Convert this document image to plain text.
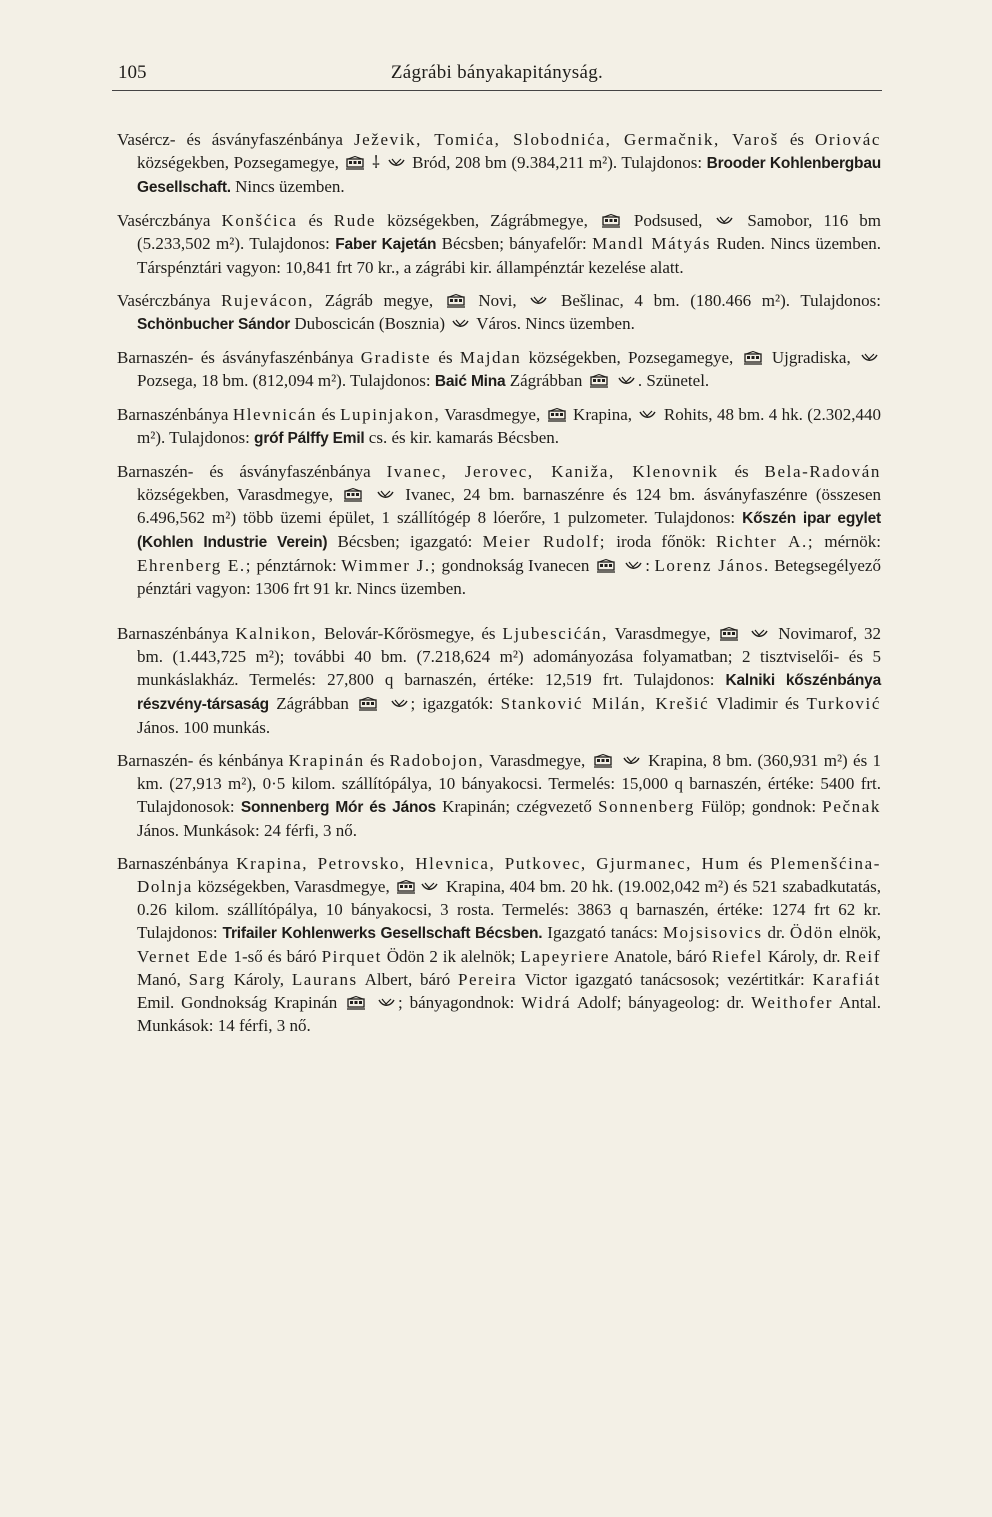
105	Zágrábi bányakapitányság.

Vasércz- és ásványfaszénbánya Ježevik, Tomića, Slobodnića, Germačnik, Varoš és Oriovác községekben, Pozsegamegye,
⸸
Bród, 208 bm (9.384,211 m²). Tulajdonos: Brooder Kohlenbergbau Gesellschaft. Nincs üzemben.

Vasérczbánya Konšćica és Rude községekben, Zágrábmegye,
Podsused,
Samobor, 116 bm (5.233,502 m²). Tulajdonos: Faber Kajetán Bécsben; bányafelőr: Mandl Mátyás Ruden. Nincs üzemben. Társpénztári vagyon: 10,841 frt 70 kr., a zágrábi kir. állampénztár kezelése alatt.

Vasérczbánya Rujevácon, Zágráb megye,
Novi,
Bešlinac, 4 bm. (180.466 m²). Tulajdonos: Schönbucher Sándor Duboscicán (Bosznia)
Város. Nincs üzemben.

Barnaszén- és ásványfaszénbánya Gradiste és Majdan községekben, Pozsegamegye,
Ujgradiska,
Pozsega, 18 bm. (812,094 m²). Tulajdonos: Baić Mina Zágrábban
	. Szünetel.

Barnaszénbánya Hlevnicán és Lupinjakon, Varasdmegye,
Krapina,
Rohits, 48 bm. 4 hk. (2.302,440 m²). Tulajdonos: gróf Pálffy Emil cs. és kir. kamarás Bécsben.

Barnaszén- és ásványfaszénbánya Ivanec, Jerovec, Kaniža, Klenovnik és Bela-Radován községekben, Varasdmegye,
	Ivanec, 24 bm. barnaszénre és 124 bm. ásványfaszénre (összesen 6.496,562 m²) több üzemi épület, 1 szállítógép 8 lóerőre, 1 pulzometer. Tulajdonos: Kőszén ipar egylet (Kohlen Industrie Verein) Bécsben; igazgató: Meier Rudolf; iroda főnök: Richter A.; mérnök: Ehrenberg E.; pénztárnok: Wimmer J.; gondnokság Ivanecen
	: Lorenz János. Betegsegélyező pénztári vagyon: 1306 frt 91 kr. Nincs üzemben.

Barnaszénbánya Kalnikon, Belovár-Kőrösmegye, és Ljubescićán, Varasdmegye,
	Novimarof, 32 bm. (1.443,725 m²); további 40 bm. (7.218,624 m²) adományozása folyamatban; 2 tisztviselői- és 5 munkáslakház. Termelés: 27,800 q barnaszén, értéke: 12,519 frt. Tulajdonos: Kalniki kőszénbánya részvény-társaság Zágrábban
	; igazgatók: Stanković Milán, Krešić Vladimir és Turković János. 100 munkás.

Barnaszén- és kénbánya Krapinán és Radobojon, Varasdmegye,
	Krapina, 8 bm. (360,931 m²) és 1 km. (27,913 m²), 0·5 kilom. szállítópálya, 10 bányakocsi. Termelés: 15,000 q barnaszén, értéke: 5400 frt. Tulajdonosok: Sonnenberg Mór és János Krapinán; czégvezető Sonnenberg Fülöp; gondnok: Pečnak János. Munkások: 24 férfi, 3 nő.

Barnaszénbánya Krapina, Petrovsko, Hlevnica, Putkovec, Gjurmanec, Hum és Plemenšćina-Dolnja községekben, Varasdmegye,	Krapina, 404 bm. 20 hk. (19.002,042 m²) és 521 szabadkutatás, 0.26 kilom. szállítópálya, 10 bányakocsi, 3 rosta. Termelés: 3863 q barnaszén, értéke: 1274 frt 62 kr. Tulajdonos: Trifailer Kohlenwerks Gesellschaft Bécsben. Igazgató tanács: Mojsisovics dr. Ödön elnök, Vernet Ede 1-ső és báró Pirquet Ödön 2 ik alelnök; Lapeyriere Anatole, báró Riefel Károly, dr. Reif Manó, Sarg Károly, Laurans Albert, báró Pereira Victor igazgató tanácsosok; vezértitkár: Karafiát Emil. Gondnokság Krapinán
	; bányagondnok: Widrá Adolf; bányageolog: dr. Weithofer Antal. Munkások: 14 férfi, 3 nő.
